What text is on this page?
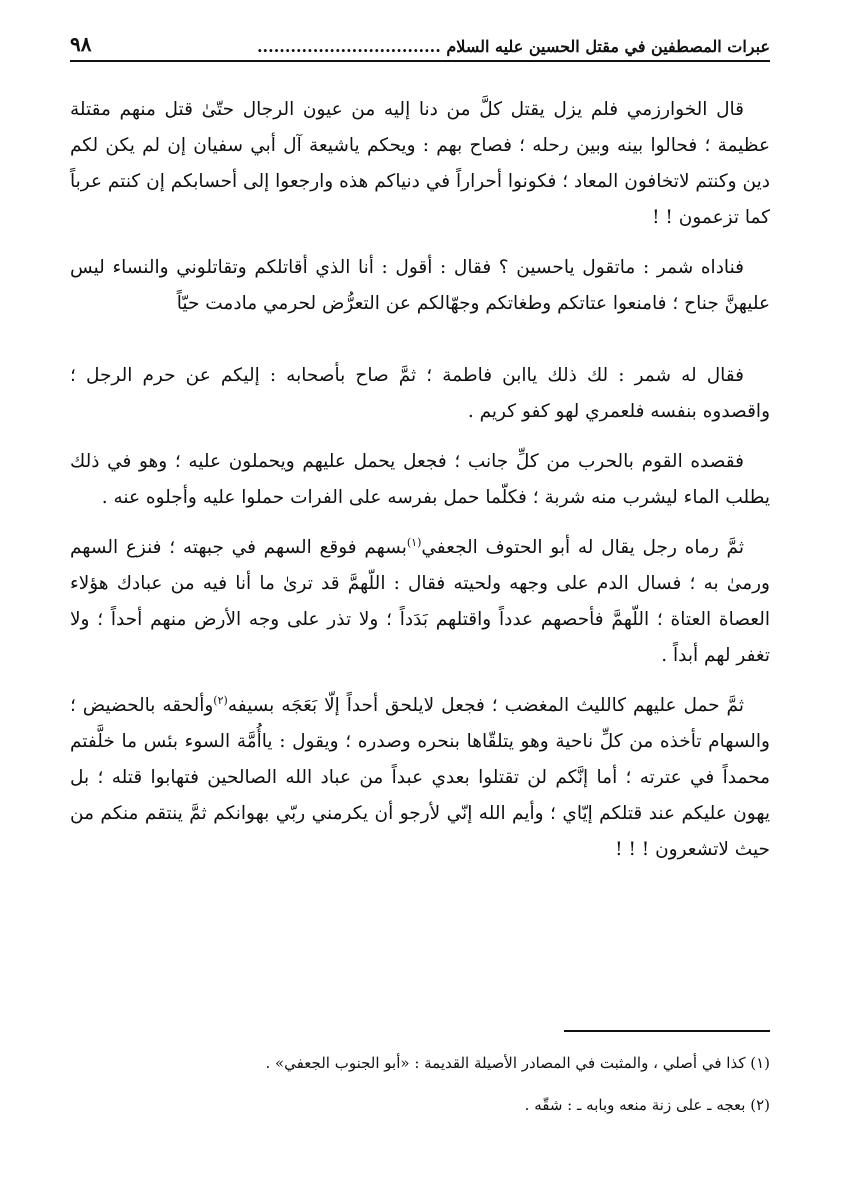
عبرات المصطفين في مقتل الحسين عليه السلام .................................
٩٨

قال الخوارزمي فلم يزل يقتل كلَّ من دنا إليه من عيون الرجال حتّىٰ قتل منهم مقتلة عظيمة ؛ فحالوا بينه وبين رحله ؛ فصاح بهم : ويحكم ياشيعة آل أبي سفيان إن لم يكن لكم دين وكنتم لاتخافون المعاد ؛ فكونوا أحراراً في دنياكم هذه وارجعوا إلى أحسابكم إن كنتم عرباً كما تزعمون ! !

فناداه شمر : ماتقول ياحسين ؟ فقال : أقول : أنا الذي أقاتلكم وتقاتلوني والنساء ليس عليهنَّ جناح ؛ فامنعوا عتاتكم وطغاتكم وجهّالكم عن التعرُّض لحرمي مادمت حيّاً

فقال له شمر : لك ذلك ياابن فاطمة ؛ ثمَّ صاح بأصحابه : إليكم عن حرم الرجل ؛ واقصدوه بنفسه فلعمري لهو كفو كريم .

فقصده القوم بالحرب من كلِّ جانب ؛ فجعل يحمل عليهم ويحملون عليه ؛ وهو في ذلك يطلب الماء ليشرب منه شربة ؛ فكلّما حمل بفرسه على الفرات حملوا عليه وأجلوه عنه .

ثمَّ رماه رجل يقال له أبو الحتوف الجعفي$^{(١)}$بسهم فوقع السهم في جبهته ؛ فنزع السهم ورمىٰ به ؛ فسال الدم على وجهه ولحيته فقال : اللّهمَّ قد ترىٰ ما أنا فيه من عبادك هؤلاء العصاة العتاة ؛ اللّهمَّ فأحصهم عدداً واقتلهم بَدَداً ؛ ولا تذر على وجه الأرض منهم أحداً ؛ ولا تغفر لهم أبداً .

ثمَّ حمل عليهم كالليث المغضب ؛ فجعل لايلحق أحداً إلّا بَعَجَه بسيفه$^{(٢)}$وألحقه بالحضيض ؛ والسهام تأخذه من كلِّ ناحية وهو يتلقّاها بنحره وصدره ؛ ويقول : ياأُمَّة السوء بئس ما خلَّفتم محمداً في عترته ؛ أما إنَّكم لن تقتلوا بعدي عبداً من عباد الله الصالحين فتهابوا قتله ؛ بل يهون عليكم عند قتلكم إيّاي ؛ وأيم الله إنّي لأرجو أن يكرمني ربّي بهوانكم ثمَّ ينتقم منكم من حيث لاتشعرون ! ! !

(١) كذا في أصلي ، والمثبت في المصادر الأصيلة القديمة : «أبو الجنوب الجعفي» .

(٢) بعجه ـ على زنة منعه وبابه ـ : شقّه .
